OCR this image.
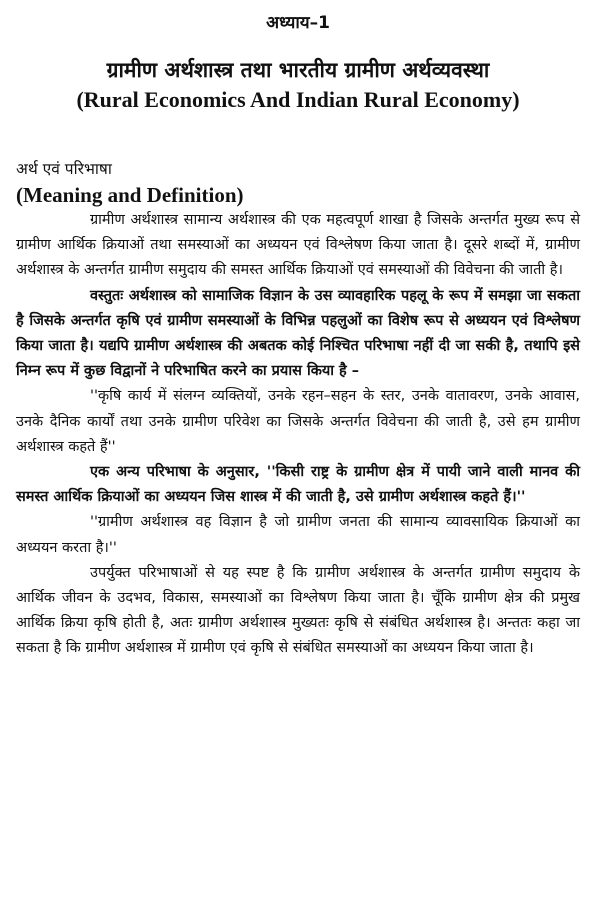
अध्याय–1
ग्रामीण अर्थशास्त्र तथा भारतीय ग्रामीण अर्थव्यवस्था
(Rural Economics And Indian Rural Economy)
अर्थ एवं परिभाषा
(Meaning and Definition)

ग्रामीण अर्थशास्त्र सामान्य अर्थशास्त्र की एक महत्वपूर्ण शाखा है जिसके अन्तर्गत मुख्य रूप से ग्रामीण आर्थिक क्रियाओं तथा समस्याओं का अध्ययन एवं विश्लेषण किया जाता है। दूसरे शब्दों में, ग्रामीण अर्थशास्त्र के अन्तर्गत ग्रामीण समुदाय की समस्त आर्थिक क्रियाओं एवं समस्याओं की विवेचना की जाती है।

वस्तुतः अर्थशास्त्र को सामाजिक विज्ञान के उस व्यावहारिक पहलू के रूप में समझा जा सकता है जिसके अन्तर्गत कृषि एवं ग्रामीण समस्याओं के विभिन्न पहलुओं का विशेष रूप से अध्ययन एवं विश्लेषण किया जाता है। यद्यपि ग्रामीण अर्थशास्त्र की अबतक कोई निश्चित परिभाषा नहीं दी जा सकी है, तथापि इसे निम्न रूप में कुछ विद्वानों ने परिभाषित करने का प्रयास किया है –

''कृषि कार्य में संलग्न व्यक्तियों, उनके रहन–सहन के स्तर, उनके वातावरण, उनके आवास, उनके दैनिक कार्यों तथा उनके ग्रामीण परिवेश का जिसके अन्तर्गत विवेचना की जाती है, उसे हम ग्रामीण अर्थशास्त्र कहते हैं''

एक अन्य परिभाषा के अनुसार, ''किसी राष्ट्र के ग्रामीण क्षेत्र में पायी जाने वाली मानव की समस्त आर्थिक क्रियाओं का अध्ययन जिस शास्त्र में की जाती है, उसे ग्रामीण अर्थशास्त्र कहते हैं।''

''ग्रामीण अर्थशास्त्र वह विज्ञान है जो ग्रामीण जनता की सामान्य व्यावसायिक क्रियाओं का अध्ययन करता है।''

उपर्युक्त परिभाषाओं से यह स्पष्ट है कि ग्रामीण अर्थशास्त्र के अन्तर्गत ग्रामीण समुदाय के आर्थिक जीवन के उदभव, विकास, समस्याओं का विश्लेषण किया जाता है। चूँकि ग्रामीण क्षेत्र की प्रमुख आर्थिक क्रिया कृषि होती है, अतः ग्रामीण अर्थशास्त्र मुख्यतः कृषि से संबंधित अर्थशास्त्र है। अन्ततः कहा जा सकता है कि ग्रामीण अर्थशास्त्र में ग्रामीण एवं कृषि से संबंधित समस्याओं का अध्ययन किया जाता है।
